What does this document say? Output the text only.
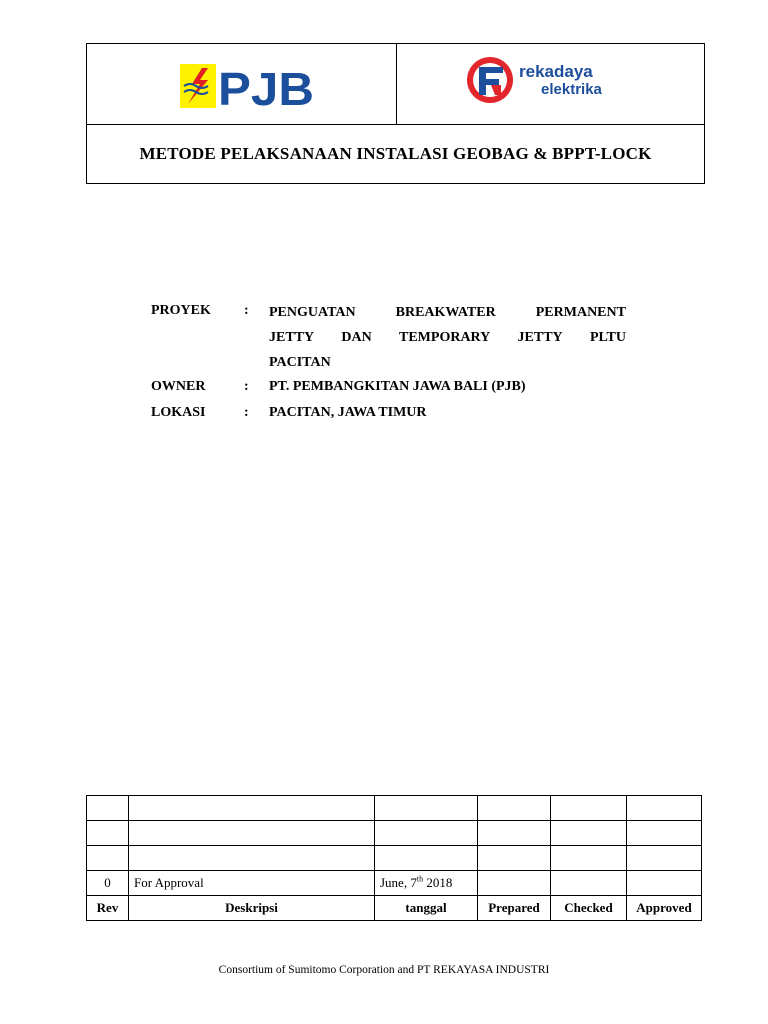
PJB	rekadaya
elektrika
METODE PELAKSANAAN INSTALASI GEOBAG & BPPT-LOCK
PROYEK : PENGUATAN	BREAKWATER	PERMANENT
JETTY DAN TEMPORARY JETTY PLTU
PACITAN
OWNER	: PT. PEMBANGKITAN JAWA BALI (PJB)
LOKASI	: PACITAN, JAWA TIMUR

0	For Approval	June, 7th 2018			
Rev	Deskripsi	tanggal	Prepared	Checked	Approved
Consortium of Sumitomo Corporation and PT REKAYASA INDUSTRI
